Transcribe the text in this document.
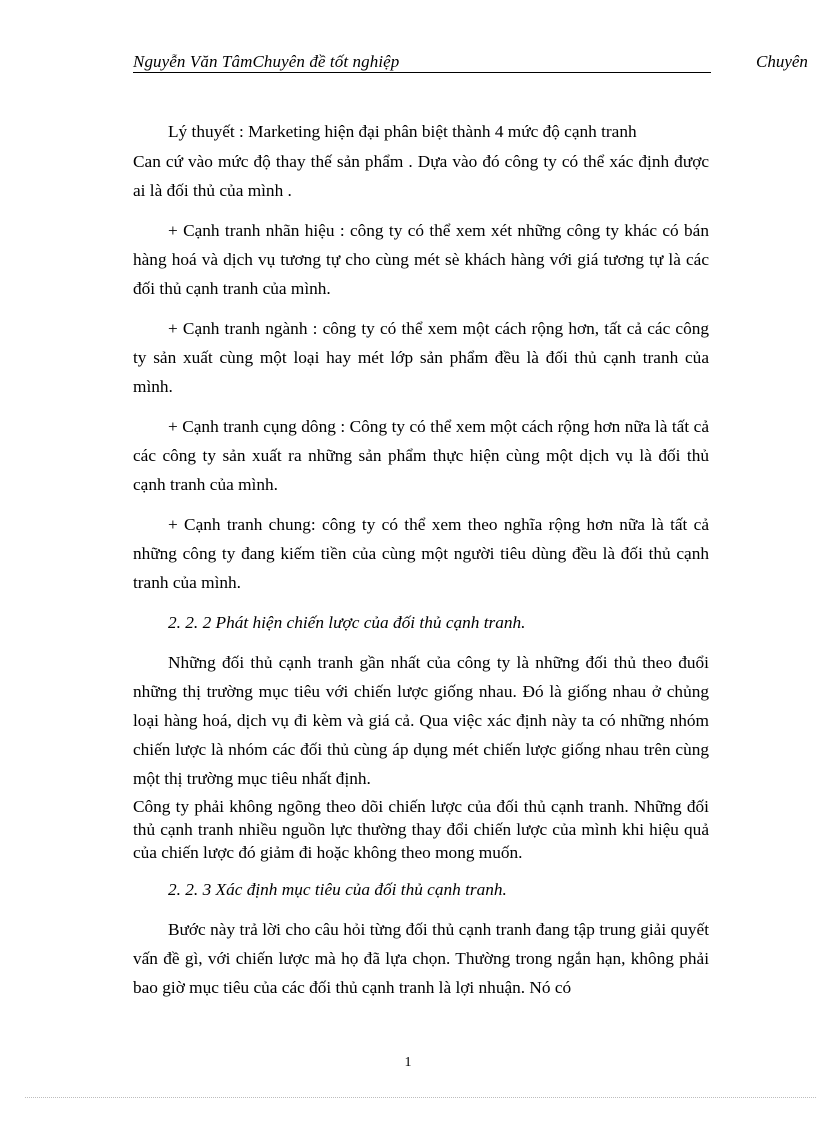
Nguyễn Văn TâmChuyên đề tốt nghiệp	Chuyên

Lý thuyết : Marketing hiện đại phân biệt thành 4 mức độ cạnh tranh

Can cứ vào mức độ thay thế sản phẩm . Dựa vào đó công ty có thể xác định được ai là đối thủ của mình .

+ Cạnh tranh nhãn hiệu : công ty có thể xem xét những công ty khác có bán hàng hoá và dịch vụ tương tự cho cùng mét sè khách hàng với giá tương tự là các đối thủ cạnh tranh của mình.

+ Cạnh tranh ngành : công ty có thể xem một cách rộng hơn, tất cả các công ty sản xuất cùng một loại hay mét lớp sản phẩm đều là đối thủ cạnh tranh của mình.

+ Cạnh tranh cụng dông : Công ty có thể xem một cách rộng hơn nữa là tất cả các công ty sản xuất ra những sản phẩm thực hiện cùng một dịch vụ là đối thủ cạnh tranh của mình.

+ Cạnh tranh chung: công ty có thể xem theo nghĩa rộng hơn nữa là tất cả những công ty đang kiếm tiền của cùng một người tiêu dùng đều là đối thủ cạnh tranh của mình.

2. 2. 2 Phát hiện chiến lược của đối thủ cạnh tranh.

Những đối thủ cạnh tranh gần nhất của công ty là những đối thủ theo đuổi những thị trường mục tiêu với chiến lược giống nhau. Đó là giống nhau ở chủng loại hàng hoá, dịch vụ đi kèm và giá cả. Qua việc xác định này ta có những nhóm chiến lược là nhóm các đối thủ cùng áp dụng mét chiến lược giống nhau trên cùng một thị trường mục tiêu nhất định.

Công ty phải không ngõng theo dõi chiến lược của đối thủ cạnh tranh. Những đối thủ cạnh tranh nhiều nguồn lực thường thay đổi chiến lược của mình khi hiệu quả của chiến lược đó giảm đi hoặc không theo mong muốn.

2. 2. 3 Xác định mục tiêu của đối thủ cạnh tranh.

Bước này trả lời cho câu hỏi từng đối thủ cạnh tranh đang tập trung giải quyết vấn đề gì, với chiến lược mà họ đã lựa chọn. Thường trong ngắn hạn, không phải bao giờ mục tiêu của các đối thủ cạnh tranh là lợi nhuận. Nó có

1
